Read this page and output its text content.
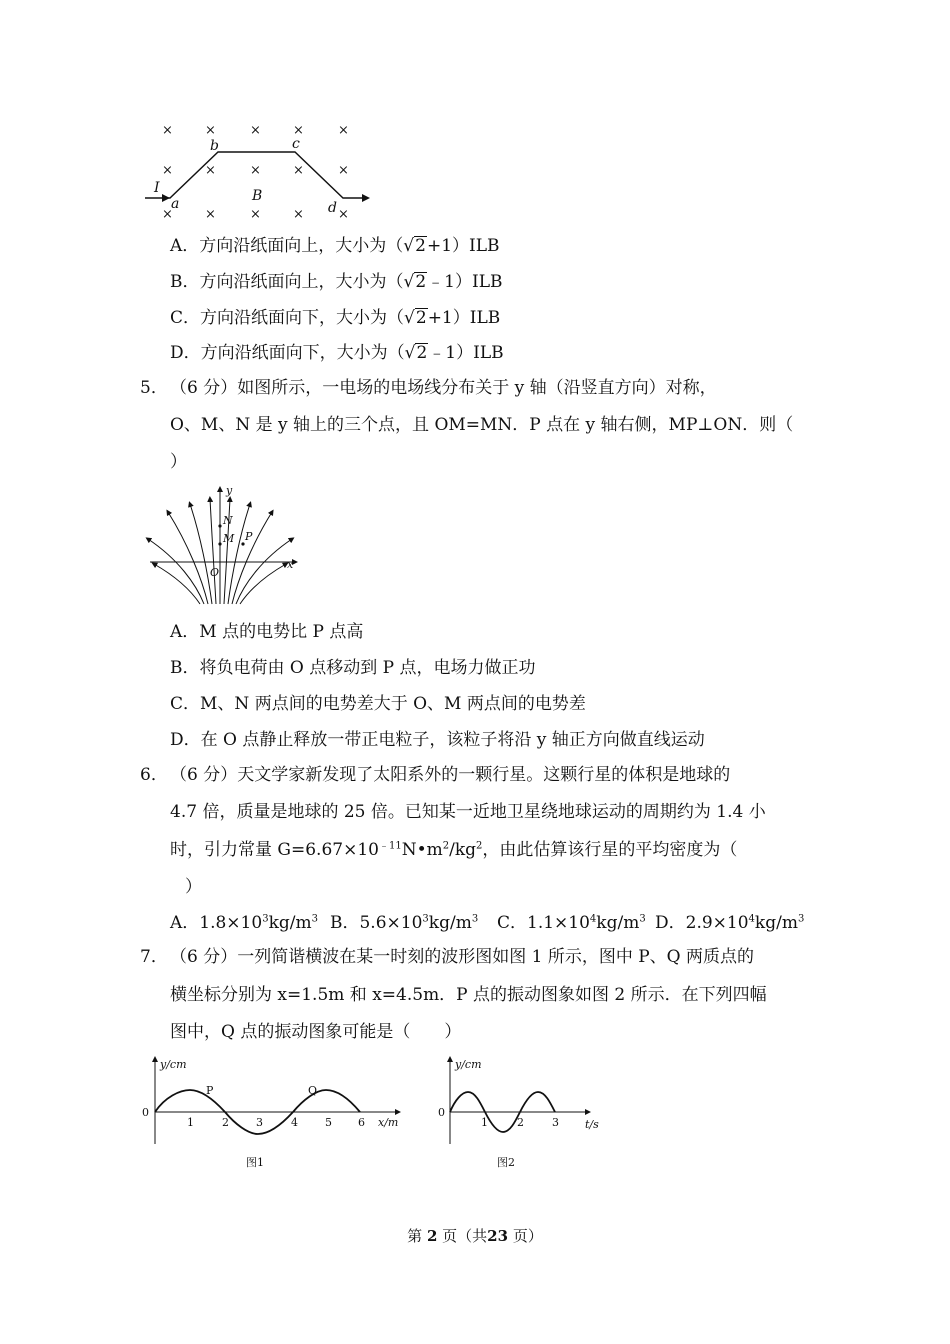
× ×	× ×	×
× ×	× ×	×
× ×	× ×	×
I
a
b	c
d
B
A．方向沿纸面向上，大小为（√2+1）ILB
B．方向沿纸面向上，大小为（√2﹣1）ILB
C．方向沿纸面向下，大小为（√2+1）ILB
D．方向沿纸面向下，大小为（√2﹣1）ILB
5． （6 分）如图所示，一电场的电场线分布关于 y 轴（沿竖直方向）对称，
O、M、N 是 y 轴上的三个点，且 OM=MN．P 点在 y 轴右侧，MP⊥ON．则（
）
y
x
N
M P
O
A．M 点的电势比 P 点高
B．将负电荷由 O 点移动到 P 点，电场力做正功
C．M、N 两点间的电势差大于 O、M 两点间的电势差
D．在 O 点静止释放一带正电粒子，该粒子将沿 y 轴正方向做直线运动
6． （6 分）天文学家新发现了太阳系外的一颗行星。这颗行星的体积是地球的
4.7 倍，质量是地球的 25 倍。已知某一近地卫星绕地球运动的周期约为 1.4 小
时，引力常量 $G=6.67\times 10^{﹣11}N•m^2/kg^2$，由此估算该行星的平均密度为（
）
A．$1.8\times 10^3kg/m^3$ B．$5.6\times 10^3kg/m^3$ C．$1.1\times 10^4kg/m^3$ D．$2.9\times 10^4kg/m^3$
7． （6 分）一列简谐横波在某一时刻的波形图如图 1 所示，图中 P、Q 两质点的
横坐标分别为 x=1.5m 和 x=4.5m．P 点的振动图象如图 2 所示．在下列四幅
图中，Q 点的振动图象可能是（　　）
y/cm
0
1	2 3	4 5 6 x/m
P	Q
图1
y/cm
0
1	2	3 t/s
图2
第 2 页（共23 页）
